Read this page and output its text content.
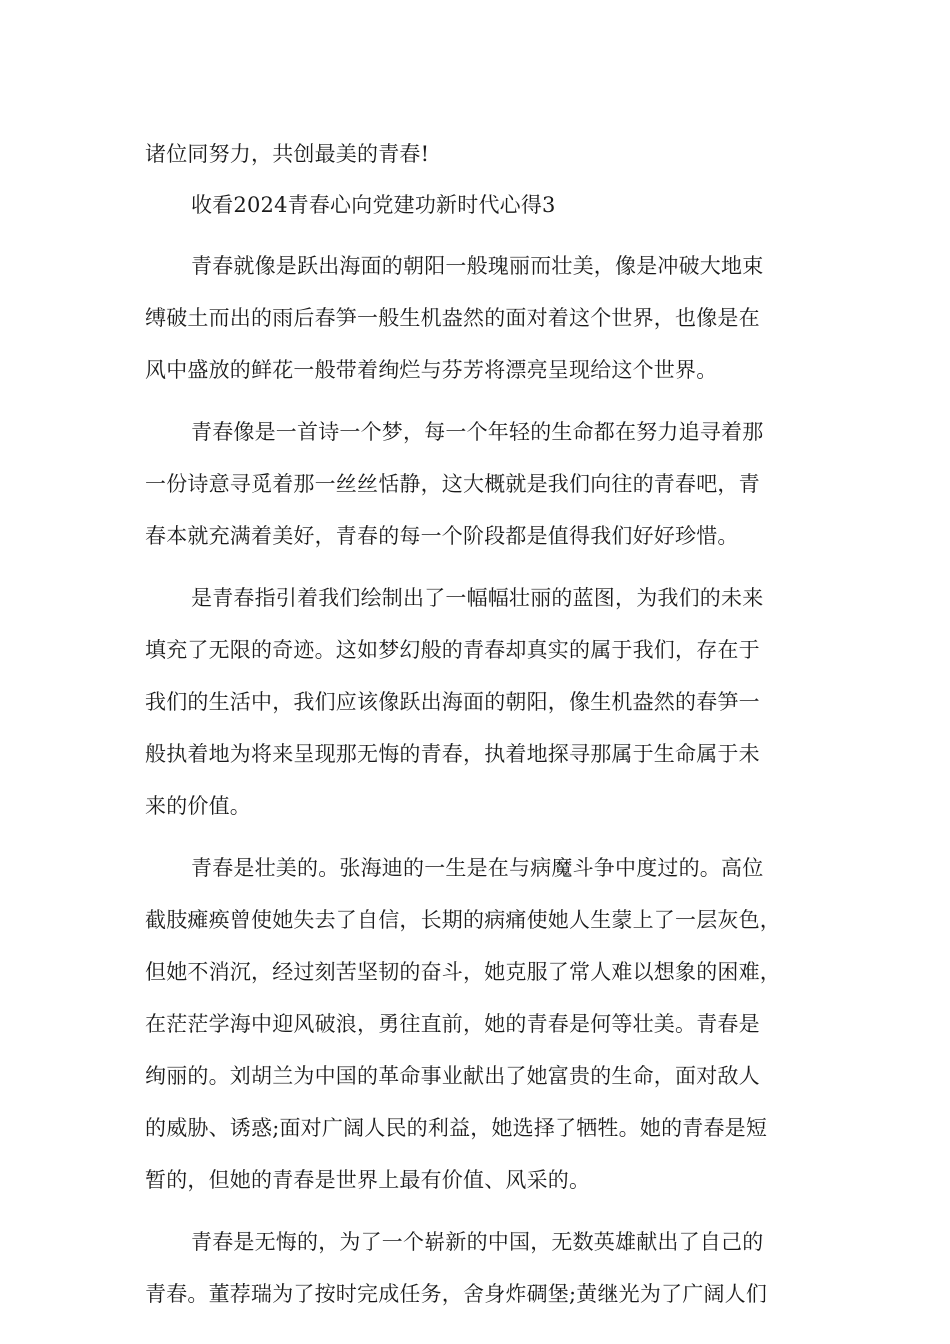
诸位同努力，共创最美的青春!
收看2024青春心向党建功新时代心得3
青春就像是跃出海面的朝阳一般瑰丽而壮美，像是冲破大地束
缚破土而出的雨后春笋一般生机盎然的面对着这个世界，也像是在
风中盛放的鲜花一般带着绚烂与芬芳将漂亮呈现给这个世界。
青春像是一首诗一个梦，每一个年轻的生命都在努力追寻着那
一份诗意寻觅着那一丝丝恬静，这大概就是我们向往的青春吧，青
春本就充满着美好，青春的每一个阶段都是值得我们好好珍惜。
是青春指引着我们绘制出了一幅幅壮丽的蓝图，为我们的未来
填充了无限的奇迹。这如梦幻般的青春却真实的属于我们，存在于
我们的生活中，我们应该像跃出海面的朝阳，像生机盎然的春笋一
般执着地为将来呈现那无悔的青春，执着地探寻那属于生命属于未
来的价值。
青春是壮美的。张海迪的一生是在与病魔斗争中度过的。高位
截肢瘫痪曾使她失去了自信，长期的病痛使她人生蒙上了一层灰色，
但她不消沉，经过刻苦坚韧的奋斗，她克服了常人难以想象的困难，
在茫茫学海中迎风破浪，勇往直前，她的青春是何等壮美。青春是
绚丽的。刘胡兰为中国的革命事业献出了她富贵的生命，面对敌人
的威胁、诱惑;面对广阔人民的利益，她选择了牺牲。她的青春是短
暂的，但她的青春是世界上最有价值、风采的。
青春是无悔的，为了一个崭新的中国，无数英雄献出了自己的
青春。董荐瑞为了按时完成任务，舍身炸碉堡;黄继光为了广阔人们
